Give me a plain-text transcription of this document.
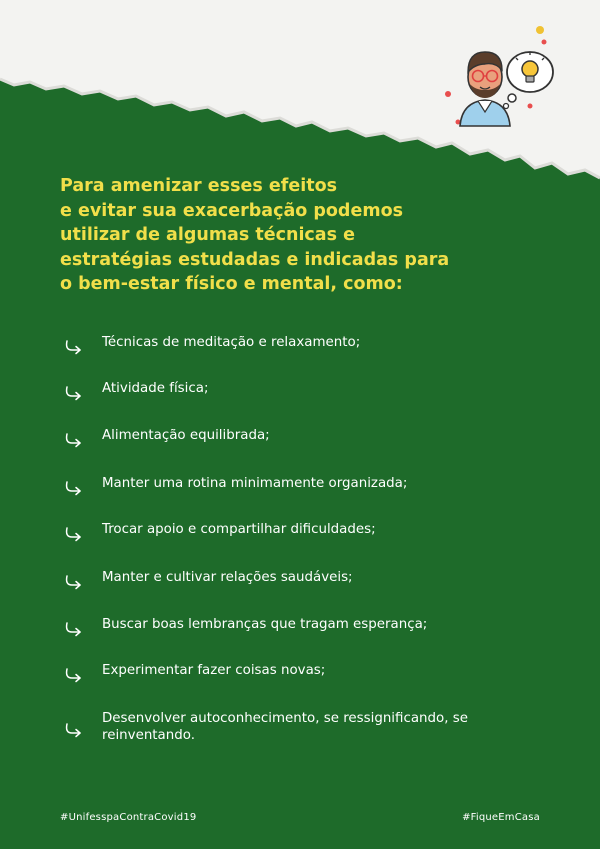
Para amenizar esses efeitos
e evitar sua exacerbação podemos
utilizar de algumas técnicas e
estratégias estudadas e indicadas para
o bem-estar físico e mental, como:
Técnicas de meditação e relaxamento;
Atividade física;
Alimentação equilibrada;
Manter uma rotina minimamente organizada;
Trocar apoio e compartilhar dificuldades;
Manter e cultivar relações saudáveis;
Buscar boas lembranças que tragam esperança;
Experimentar fazer coisas novas;
Desenvolver autoconhecimento, se ressignificando, se reinventando.
#UnifesspaContraCovid19	#FiqueEmCasa
